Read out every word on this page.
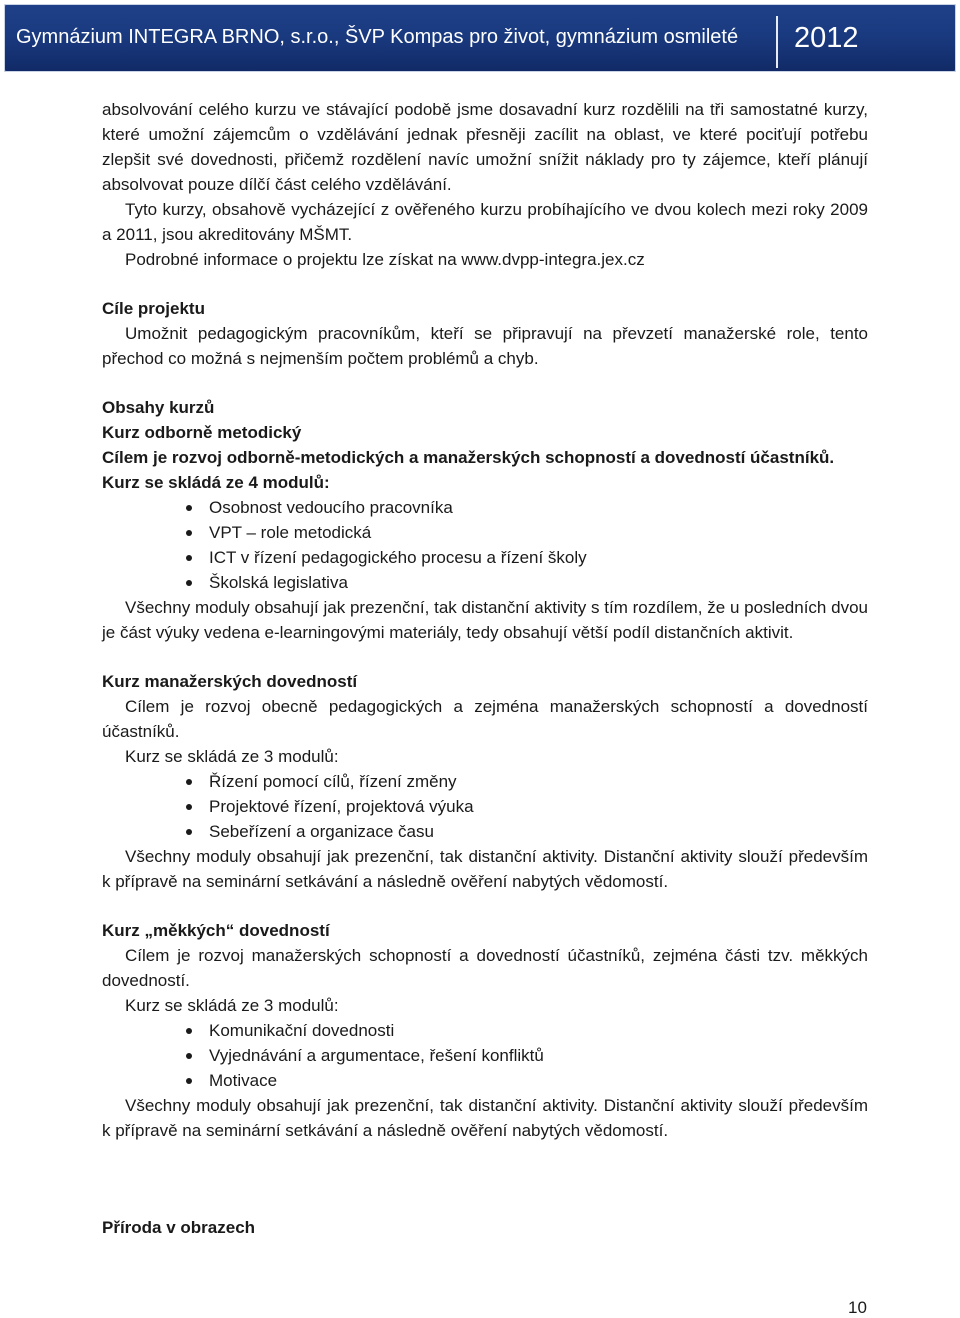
Gymnázium INTEGRA BRNO, s.r.o., ŠVP Kompas pro život, gymnázium osmileté 2012

absolvování celého kurzu ve stávající podobě jsme dosavadní kurz rozdělili na tři samostatné kurzy, které umožní zájemcům o vzdělávání jednak přesněji zacílit na oblast, ve které pociťují potřebu zlepšit své dovednosti, přičemž rozdělení navíc umožní snížit náklady pro ty zájemce, kteří plánují absolvovat pouze dílčí část celého vzdělávání.

Tyto kurzy, obsahově vycházející z ověřeného kurzu probíhajícího ve dvou kolech mezi roky 2009 a 2011, jsou akreditovány MŠMT.

Podrobné informace o projektu lze získat na www.dvpp-integra.jex.cz

Cíle projektu

Umožnit pedagogickým pracovníkům, kteří se připravují na převzetí manažerské role, tento přechod co možná s nejmenším počtem problémů a chyb.

Obsahy kurzů

Kurz odborně metodický

Cílem je rozvoj odborně-metodických a manažerských schopností a dovedností účastníků.

Kurz se skládá ze 4 modulů:

Osobnost vedoucího pracovníka
VPT – role metodická
ICT v řízení pedagogického procesu a řízení školy
Školská legislativa

Všechny moduly obsahují jak prezenční, tak distanční aktivity s tím rozdílem, že u posledních dvou je část výuky vedena e-learningovými materiály, tedy obsahují větší podíl distančních aktivit.

Kurz manažerských dovedností

Cílem je rozvoj obecně pedagogických a zejména manažerských schopností a dovedností účastníků.

Kurz se skládá ze 3 modulů:

Řízení pomocí cílů, řízení změny
Projektové řízení, projektová výuka
Sebeřízení a organizace času

Všechny moduly obsahují jak prezenční, tak distanční aktivity. Distanční aktivity slouží především k přípravě na seminární setkávání a následně ověření nabytých vědomostí.

Kurz „měkkých“ dovedností

Cílem je rozvoj manažerských schopností a dovedností účastníků, zejména části tzv. měkkých dovedností.

Kurz se skládá ze 3 modulů:

Komunikační dovednosti
Vyjednávání a argumentace, řešení konfliktů
Motivace

Všechny moduly obsahují jak prezenční, tak distanční aktivity. Distanční aktivity slouží především k přípravě na seminární setkávání a následně ověření nabytých vědomostí.

Příroda v obrazech

10
